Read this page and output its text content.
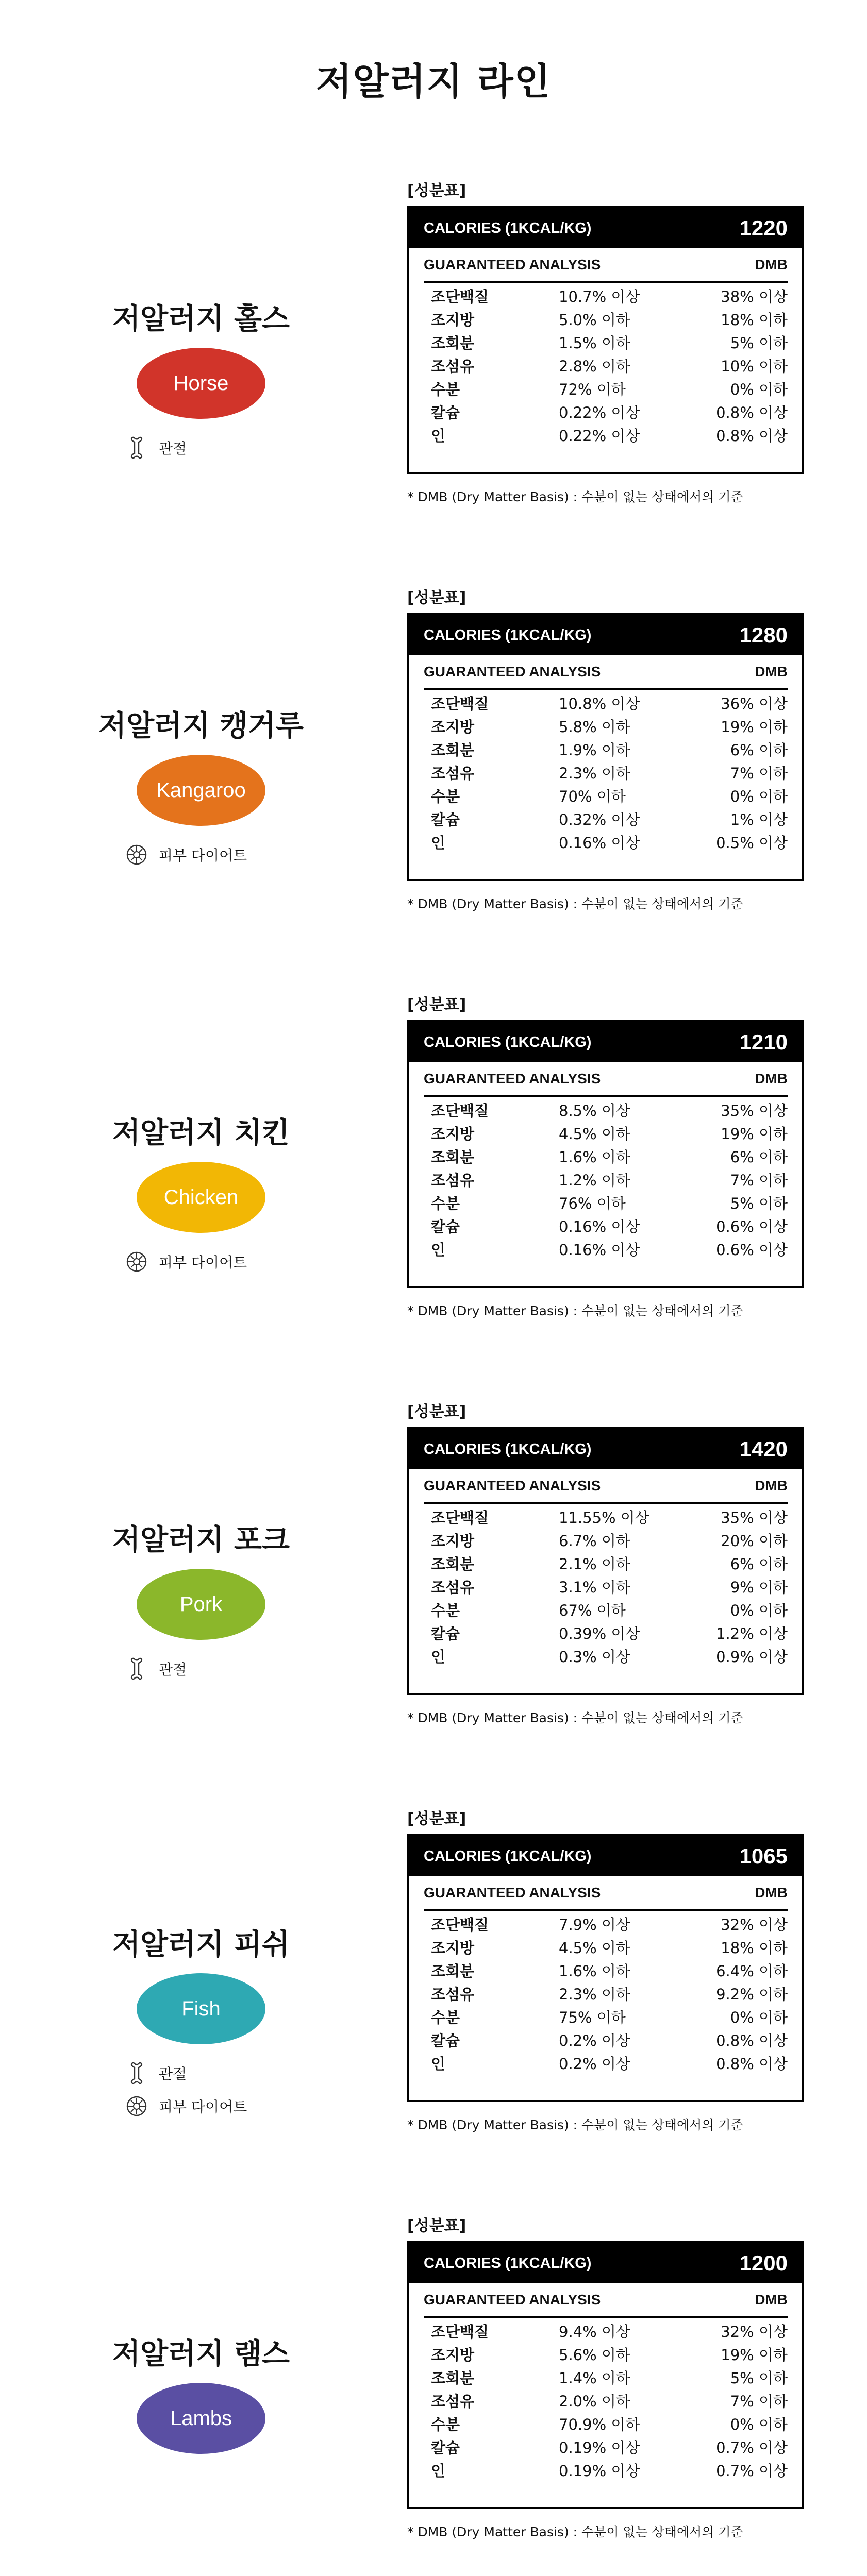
저알러지 라인
저알러지 홀스
Horse
관절
[성분표]
CALORIES (1KCAL/KG)	1220
GUARANTEED ANALYSIS	DMB
조단백질	10.7% 이상	38% 이상
조지방	5.0% 이하	18% 이하
조회분	1.5% 이하	5% 이하
조섬유	2.8% 이하	10% 이하
수분	72% 이하	0% 이하
칼슘	0.22% 이상	0.8% 이상
인	0.22% 이상	0.8% 이상
* DMB (Dry Matter Basis) : 수분이 없는 상태에서의 기준
저알러지 캥거루
Kangaroo
피부 다이어트
[성분표]
CALORIES (1KCAL/KG)	1280
GUARANTEED ANALYSIS	DMB
조단백질	10.8% 이상	36% 이상
조지방	5.8% 이하	19% 이하
조회분	1.9% 이하	6% 이하
조섬유	2.3% 이하	7% 이하
수분	70% 이하	0% 이하
칼슘	0.32% 이상	1% 이상
인	0.16% 이상	0.5% 이상
* DMB (Dry Matter Basis) : 수분이 없는 상태에서의 기준
저알러지 치킨
Chicken
피부 다이어트
[성분표]
CALORIES (1KCAL/KG)	1210
GUARANTEED ANALYSIS	DMB
조단백질	8.5% 이상	35% 이상
조지방	4.5% 이하	19% 이하
조회분	1.6% 이하	6% 이하
조섬유	1.2% 이하	7% 이하
수분	76% 이하	5% 이하
칼슘	0.16% 이상	0.6% 이상
인	0.16% 이상	0.6% 이상
* DMB (Dry Matter Basis) : 수분이 없는 상태에서의 기준
저알러지 포크
Pork
관절
[성분표]
CALORIES (1KCAL/KG)	1420
GUARANTEED ANALYSIS	DMB
조단백질	11.55% 이상	35% 이상
조지방	6.7% 이하	20% 이하
조회분	2.1% 이하	6% 이하
조섬유	3.1% 이하	9% 이하
수분	67% 이하	0% 이하
칼슘	0.39% 이상	1.2% 이상
인	0.3% 이상	0.9% 이상
* DMB (Dry Matter Basis) : 수분이 없는 상태에서의 기준
저알러지 피쉬
Fish
관절
피부 다이어트
[성분표]
CALORIES (1KCAL/KG)	1065
GUARANTEED ANALYSIS	DMB
조단백질	7.9% 이상	32% 이상
조지방	4.5% 이하	18% 이하
조회분	1.6% 이하	6.4% 이하
조섬유	2.3% 이하	9.2% 이하
수분	75% 이하	0% 이하
칼슘	0.2% 이상	0.8% 이상
인	0.2% 이상	0.8% 이상
* DMB (Dry Matter Basis) : 수분이 없는 상태에서의 기준
저알러지 램스
Lambs
[성분표]
CALORIES (1KCAL/KG)	1200
GUARANTEED ANALYSIS	DMB
조단백질	9.4% 이상	32% 이상
조지방	5.6% 이하	19% 이하
조회분	1.4% 이하	5% 이하
조섬유	2.0% 이하	7% 이하
수분	70.9% 이하	0% 이하
칼슘	0.19% 이상	0.7% 이상
인	0.19% 이상	0.7% 이상
* DMB (Dry Matter Basis) : 수분이 없는 상태에서의 기준
